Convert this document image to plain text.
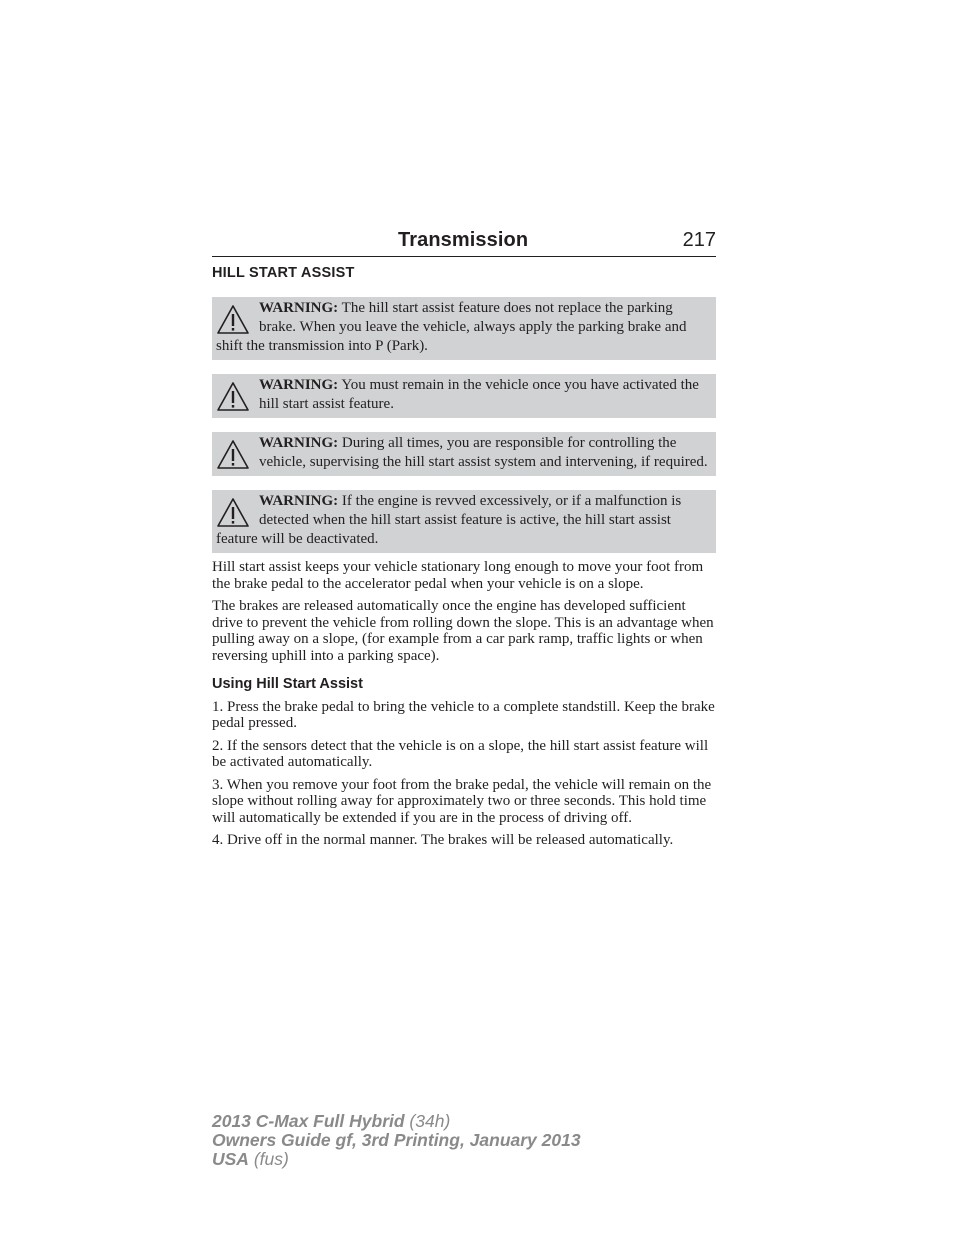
Transmission	217
HILL START ASSIST
WARNING: The hill start assist feature does not replace the parking brake. When you leave the vehicle, always apply the parking brake and shift the transmission into P (Park).
WARNING: You must remain in the vehicle once you have activated the hill start assist feature.
WARNING: During all times, you are responsible for controlling the vehicle, supervising the hill start assist system and intervening, if required.
WARNING: If the engine is revved excessively, or if a malfunction is detected when the hill start assist feature is active, the hill start assist feature will be deactivated.

Hill start assist keeps your vehicle stationary long enough to move your foot from the brake pedal to the accelerator pedal when your vehicle is on a slope.

The brakes are released automatically once the engine has developed sufficient drive to prevent the vehicle from rolling down the slope. This is an advantage when pulling away on a slope, (for example from a car park ramp, traffic lights or when reversing uphill into a parking space).

Using Hill Start Assist

1. Press the brake pedal to bring the vehicle to a complete standstill. Keep the brake pedal pressed.

2. If the sensors detect that the vehicle is on a slope, the hill start assist feature will be activated automatically.

3. When you remove your foot from the brake pedal, the vehicle will remain on the slope without rolling away for approximately two or three seconds. This hold time will automatically be extended if you are in the process of driving off.

4. Drive off in the normal manner. The brakes will be released automatically.

2013 C-Max Full Hybrid (34h)
Owners Guide gf, 3rd Printing, January 2013
USA (fus)
